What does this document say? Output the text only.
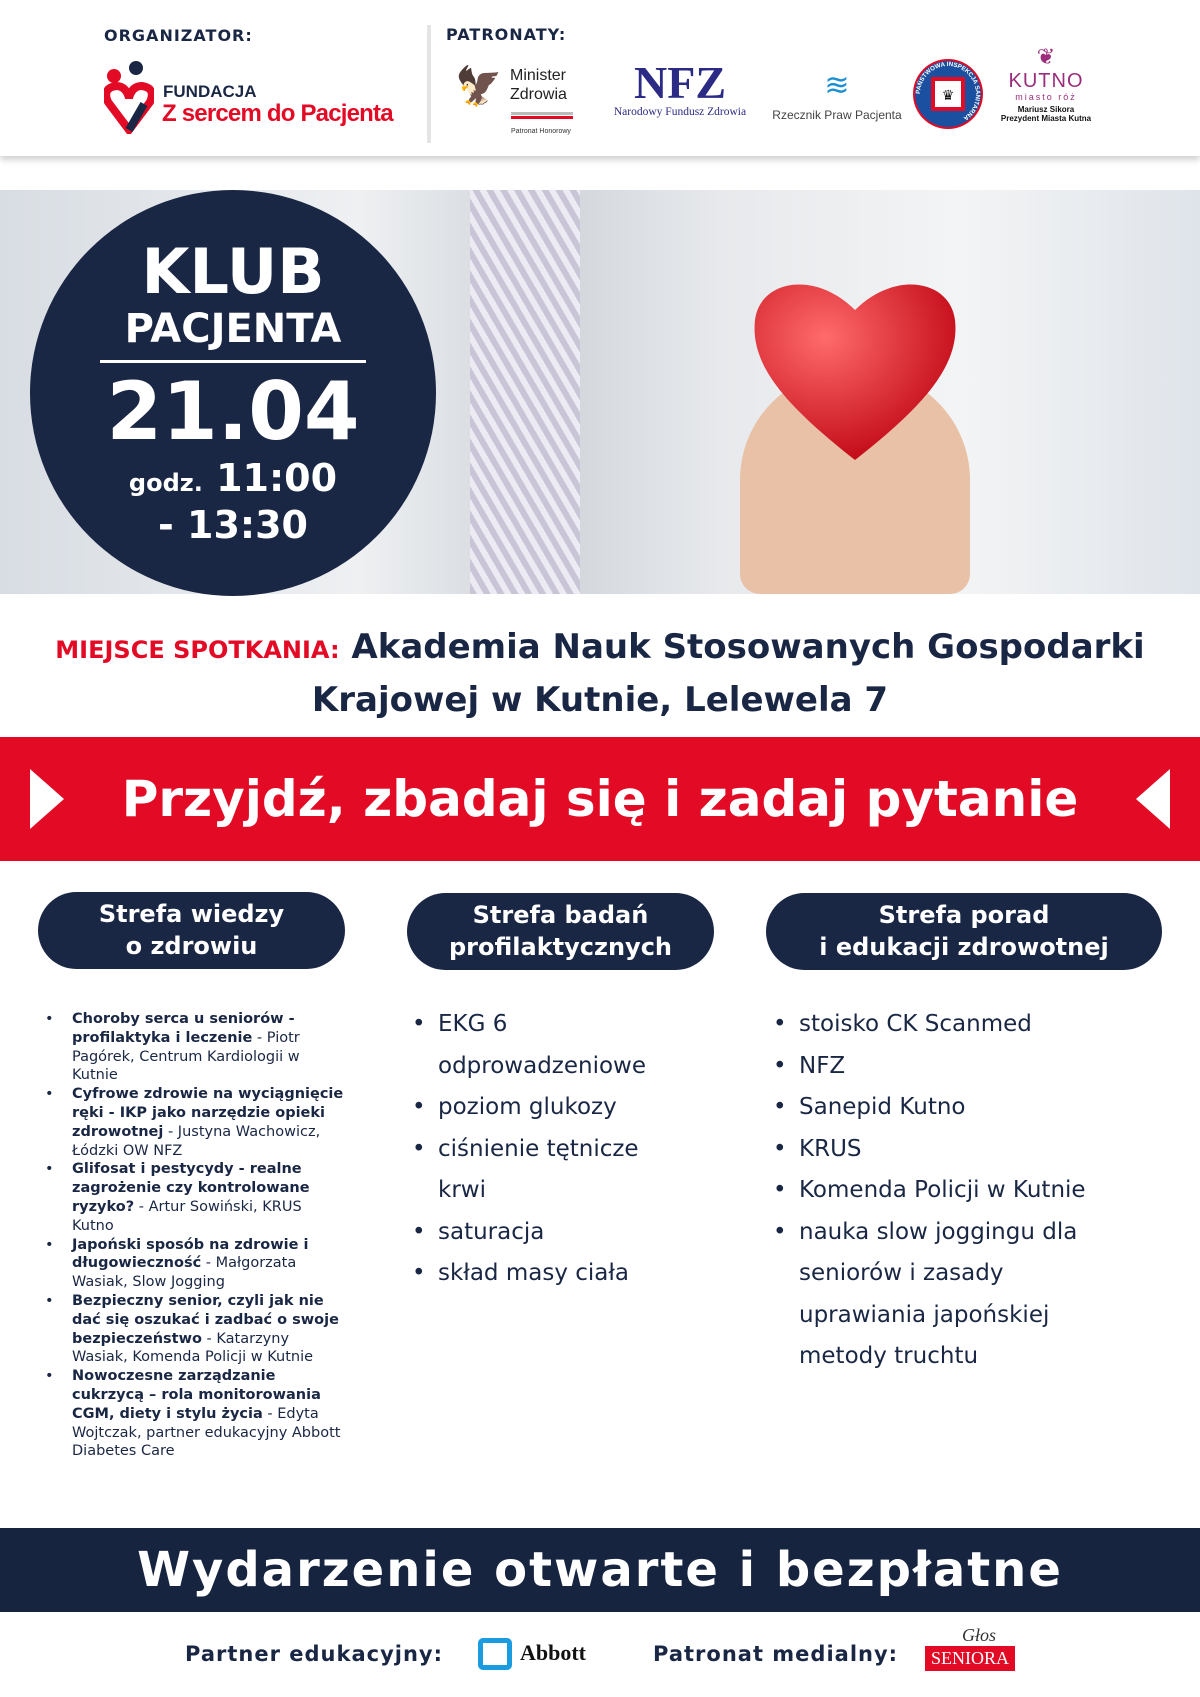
ORGANIZATOR:
FUNDACJA
Z sercem do Pacjenta
PATRONATY:
🦅 Minister
Zdrowia
Patronat Honorowy
NFZ
Narodowy Fundusz Zdrowia
≋
Rzecznik Praw Pacjenta
♛
PAŃSTWOWA INSPEKCJA SANITARNA
❦
KUTNO
miasto róż
Mariusz Sikora
Prezydent Miasta Kutna
KLUB
PACJENTA
21.04
godz. 11:00
- 13:30
MIEJSCE SPOTKANIA: Akademia Nauk Stosowanych Gospodarki
Krajowej w Kutnie, Lelewela 7
Przyjdź, zbadaj się i zadaj pytanie
Strefa wiedzy
o zdrowiu
Strefa badań
profilaktycznych
Strefa porad
i edukacji zdrowotnej
• Choroby serca u seniorów - profilaktyka i leczenie - Piotr Pagórek, Centrum Kardiologii w Kutnie
• Cyfrowe zdrowie na wyciągnięcie ręki - IKP jako narzędzie opieki zdrowotnej - Justyna Wachowicz, Łódzki OW NFZ
• Glifosat i pestycydy - realne zagrożenie czy kontrolowane ryzyko? - Artur Sowiński, KRUS Kutno
• Japoński sposób na zdrowie i długowieczność - Małgorzata Wasiak, Slow Jogging
• Bezpieczny senior, czyli jak nie dać się oszukać i zadbać o swoje bezpieczeństwo - Katarzyny Wasiak, Komenda Policji w Kutnie
• Nowoczesne zarządzanie cukrzycą – rola monitorowania CGM, diety i stylu życia - Edyta Wojtczak, partner edukacyjny Abbott Diabetes Care
• EKG 6 odprowadzeniowe
• poziom glukozy
• ciśnienie tętnicze krwi
• saturacja
• skład masy ciała
• stoisko CK Scanmed
• NFZ
• Sanepid Kutno
• KRUS
• Komenda Policji w Kutnie
• nauka slow joggingu dla seniorów i zasady uprawiania japońskiej metody truchtu
Wydarzenie otwarte i bezpłatne
Partner edukacyjny:	Abbott	Patronat medialny:	SENIORA
Głos
